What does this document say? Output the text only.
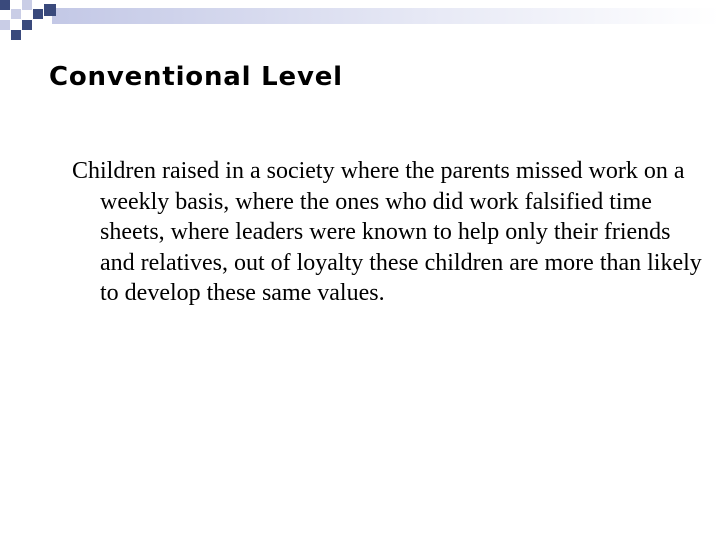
Conventional Level

Children raised in a society where the parents missed work on a weekly basis, where the ones who did work falsified time sheets, where leaders were known to help only their friends and relatives, out of loyalty these children are more than likely to develop these same values.
